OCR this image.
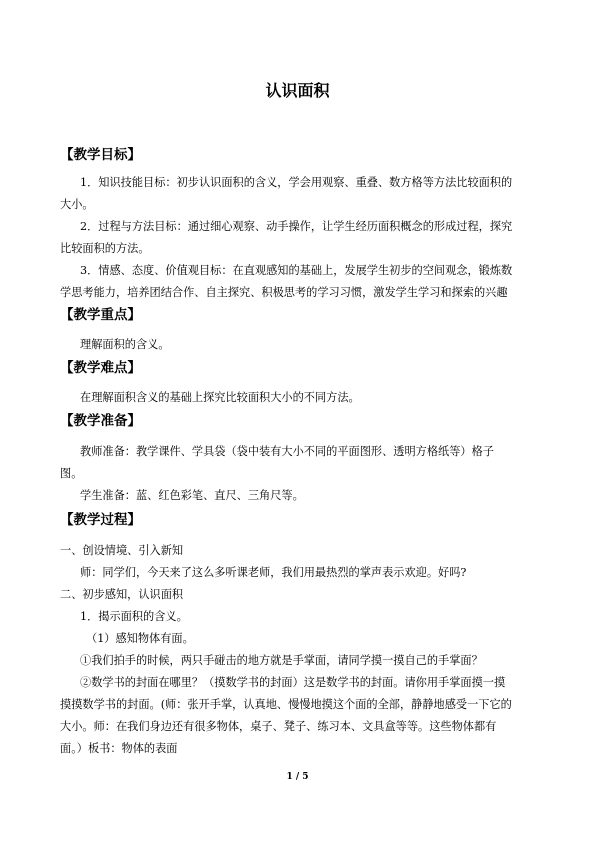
认识面积
【教学目标】
1．知识技能目标：初步认识面积的含义，学会用观察、重叠、数方格等方法比较面积的
大小。
2．过程与方法目标：通过细心观察、动手操作，让学生经历面积概念的形成过程，探究
比较面积的方法。
3．情感、态度、价值观目标：在直观感知的基础上，发展学生初步的空间观念，锻炼数
学思考能力，培养团结合作、自主探究、积极思考的学习习惯，激发学生学习和探索的兴趣
【教学重点】
理解面积的含义。
【教学难点】
在理解面积含义的基础上探究比较面积大小的不同方法。
【教学准备】
教师准备：教学课件、学具袋（袋中装有大小不同的平面图形、透明方格纸等）格子
图。
学生准备：蓝、红色彩笔、直尺、三角尺等。
【教学过程】
一、创设情境、引入新知
师：同学们，今天来了这么多听课老师，我们用最热烈的掌声表示欢迎。好吗?
二、初步感知，认识面积
1．揭示面积的含义。
（1）感知物体有面。
①我们拍手的时候，两只手碰击的地方就是手掌面，请同学摸一摸自己的手掌面？
②数学书的封面在哪里？（摸数学书的封面）这是数学书的封面。请你用手掌面摸一摸
摸摸数学书的封面。(师：张开手掌，认真地、慢慢地摸这个面的全部，静静地感受一下它的
大小。师：在我们身边还有很多物体，桌子、凳子、练习本、文具盒等等。这些物体都有
面。）板书：物体的表面
1 / 5
